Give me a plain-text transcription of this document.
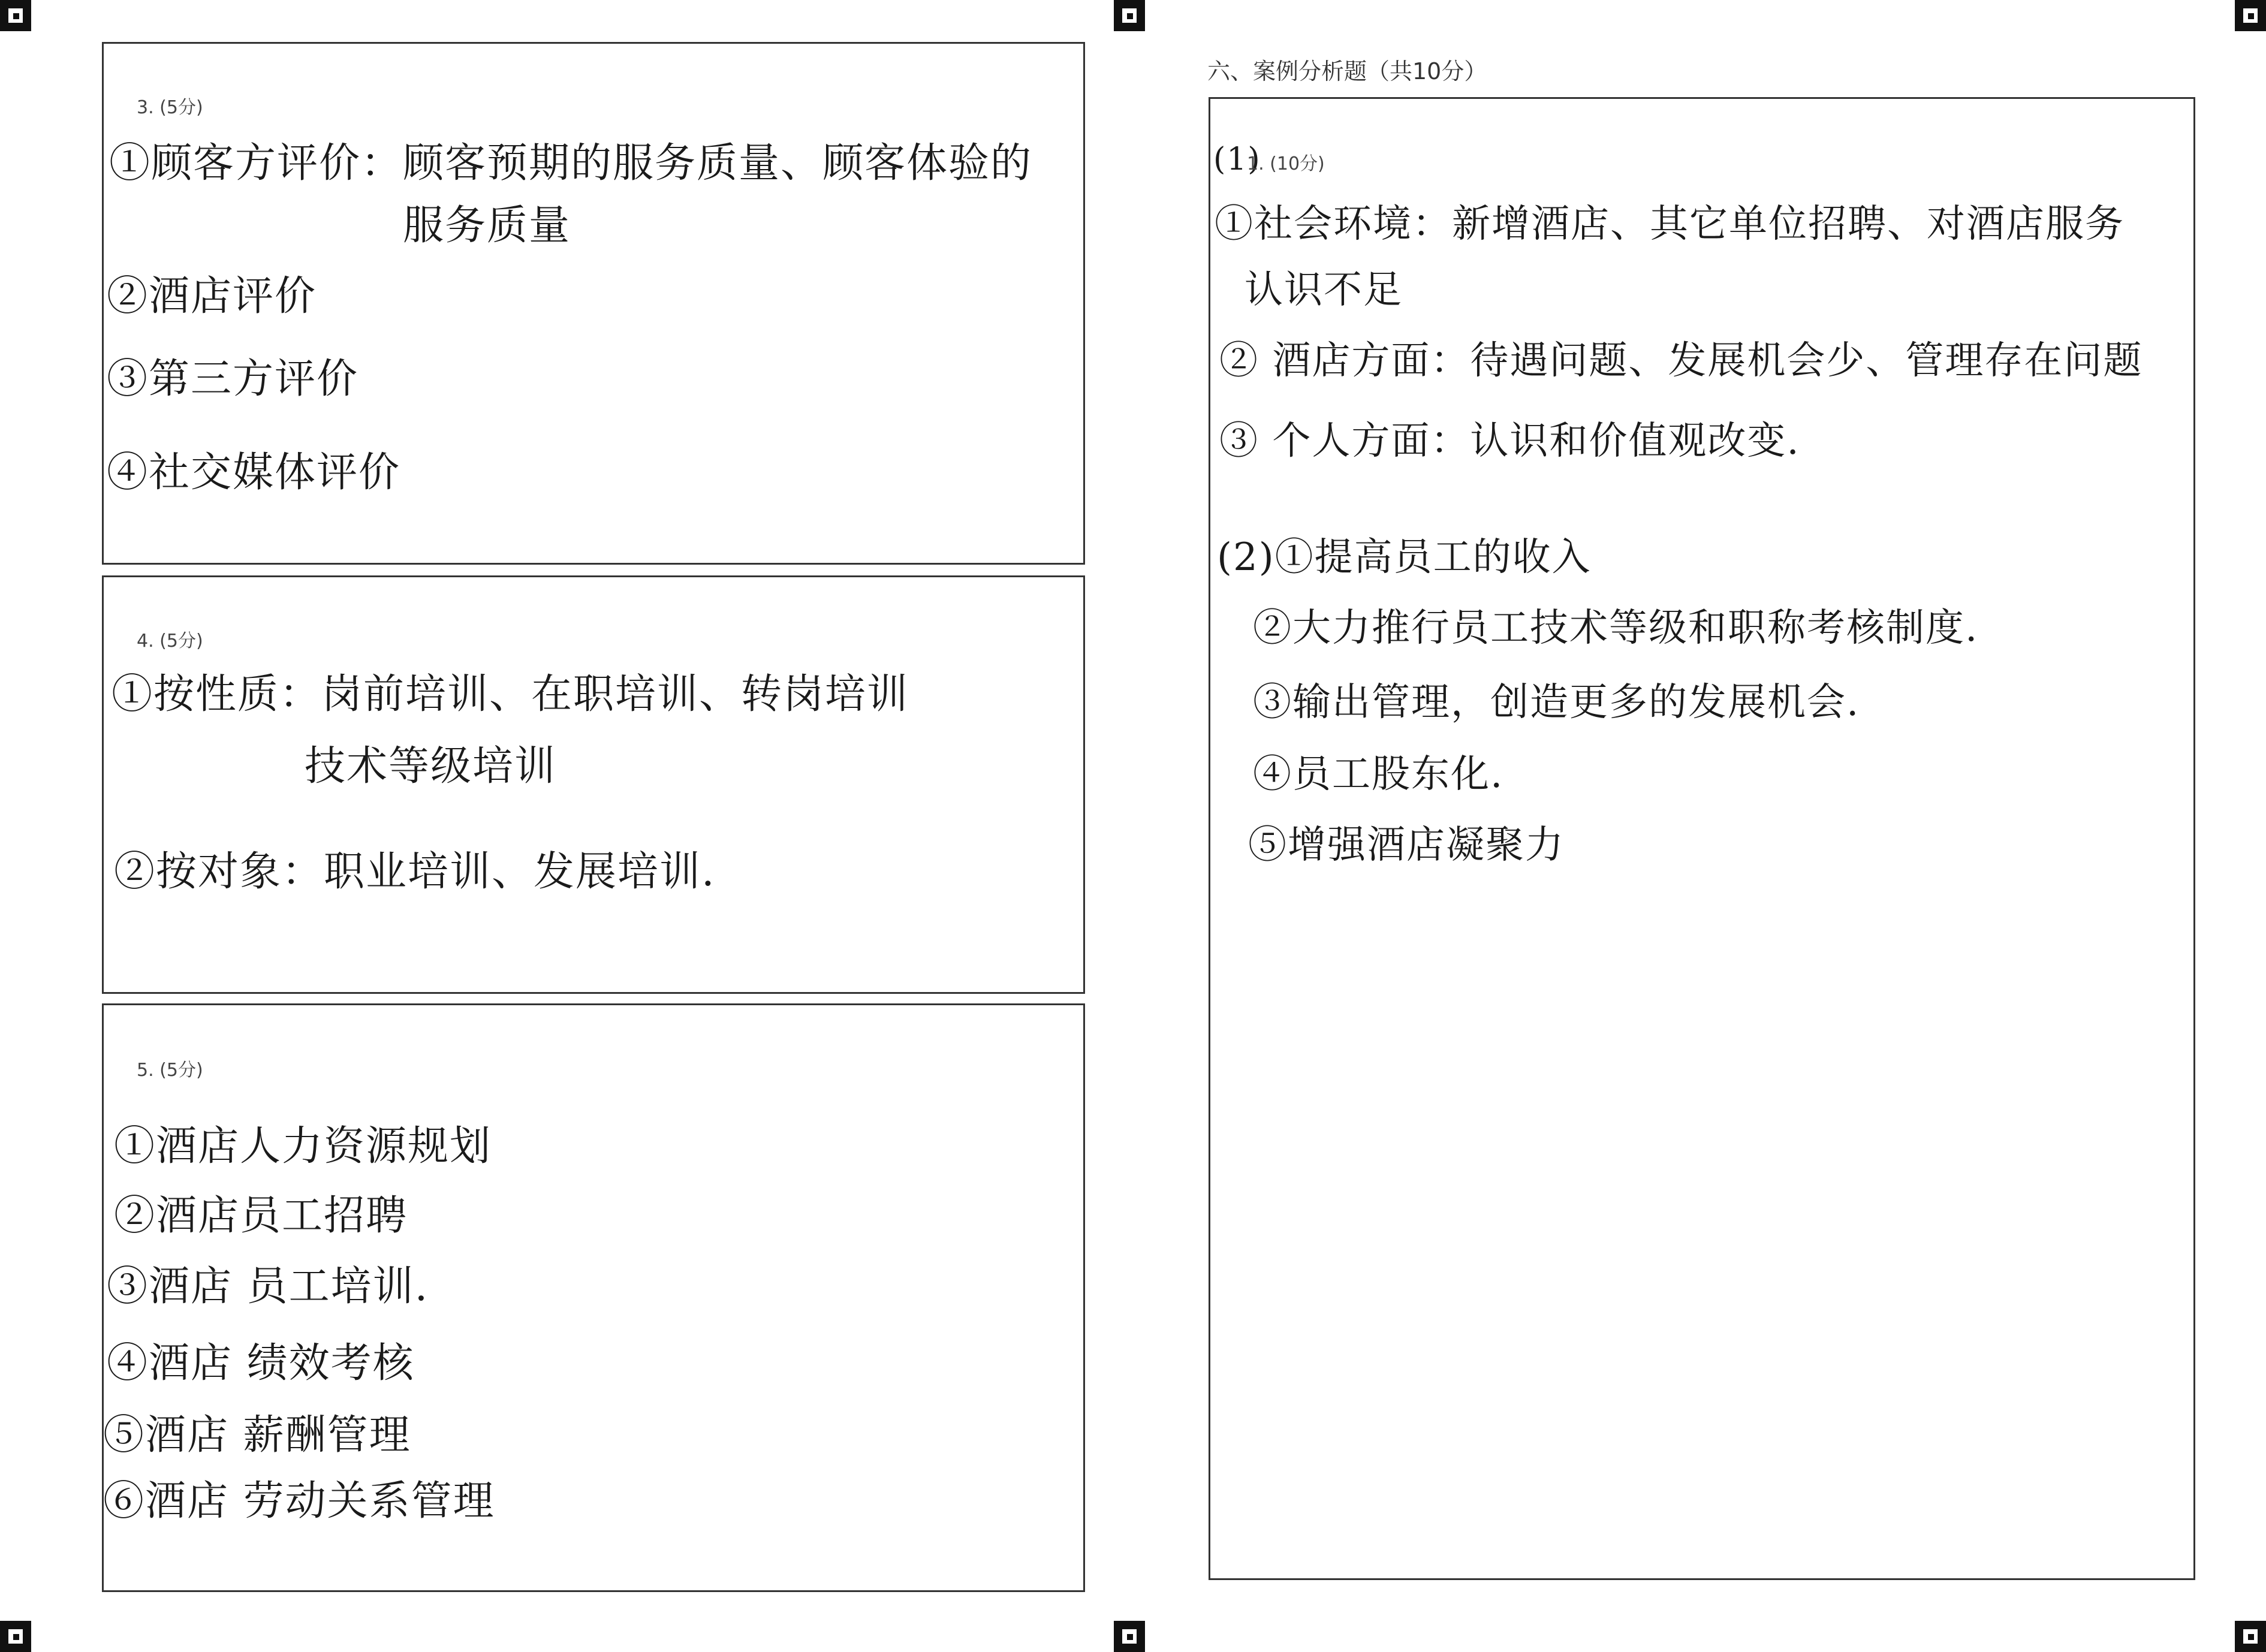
3. (5分)
①顾客方评价：顾客预期的服务质量、顾客体验的
服务质量
②酒店评价
③第三方评价
④社交媒体评价
4. (5分)
①按性质：岗前培训、在职培训、转岗培训
技术等级培训
②按对象：职业培训、发展培训.
5. (5分)
①酒店人力资源规划
②酒店员工招聘
③酒店 员工培训.
④酒店 绩效考核
⑤酒店 薪酬管理
⑥酒店 劳动关系管理
六、案例分析题（共10分）
(1)
1. (10分)
①社会环境：新增酒店、其它单位招聘、对酒店服务
认识不足
② 酒店方面：待遇问题、发展机会少、管理存在问题
③ 个人方面：认识和价值观改变.
(2)①提高员工的收入
②大力推行员工技术等级和职称考核制度.
③输出管理，创造更多的发展机会.
④员工股东化.
⑤增强酒店凝聚力
